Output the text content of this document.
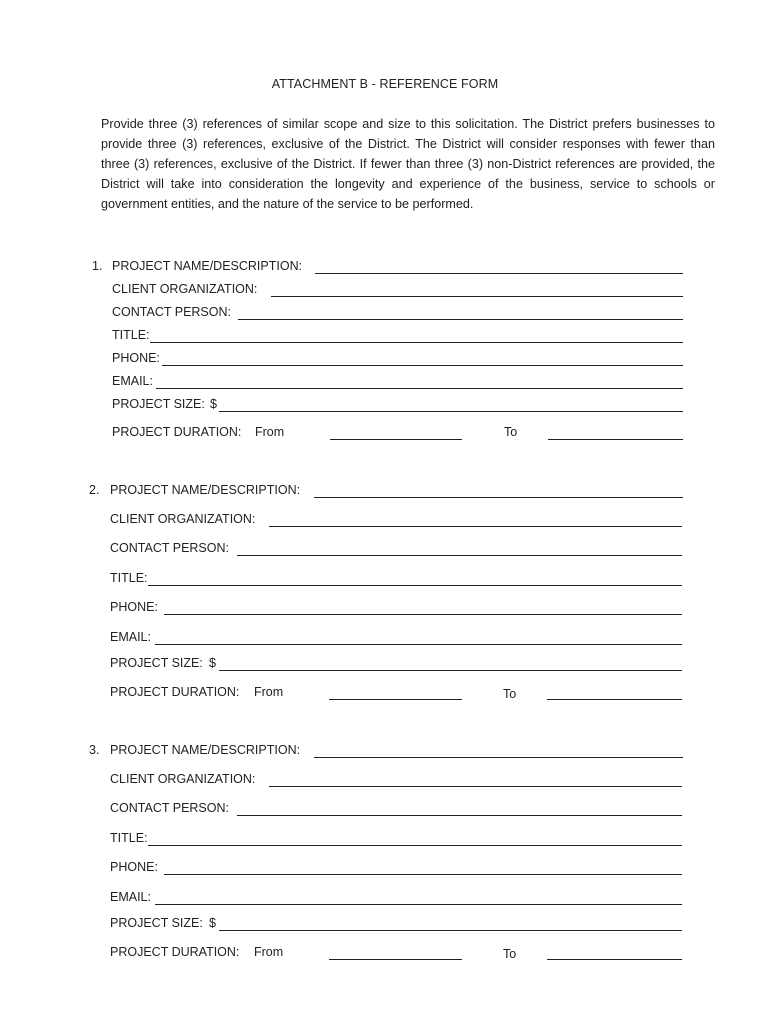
ATTACHMENT B - REFERENCE FORM
Provide three (3) references of similar scope and size to this solicitation. The District prefers businesses to provide three (3) references, exclusive of the District. The District will consider responses with fewer than three (3) references, exclusive of the District. If fewer than three (3) non-District references are provided, the District will take into consideration the longevity and experience of the business, service to schools or government entities, and the nature of the service to be performed.
1. PROJECT NAME/DESCRIPTION:
CLIENT ORGANIZATION:
CONTACT PERSON:
TITLE:
PHONE:
EMAIL:
PROJECT SIZE: $
PROJECT DURATION: From	To
2. PROJECT NAME/DESCRIPTION:
CLIENT ORGANIZATION:
CONTACT PERSON:
TITLE:
PHONE:
EMAIL:
PROJECT SIZE: $
PROJECT DURATION: From	To
3. PROJECT NAME/DESCRIPTION:
CLIENT ORGANIZATION:
CONTACT PERSON:
TITLE:
PHONE:
EMAIL:
PROJECT SIZE: $
PROJECT DURATION: From	To
